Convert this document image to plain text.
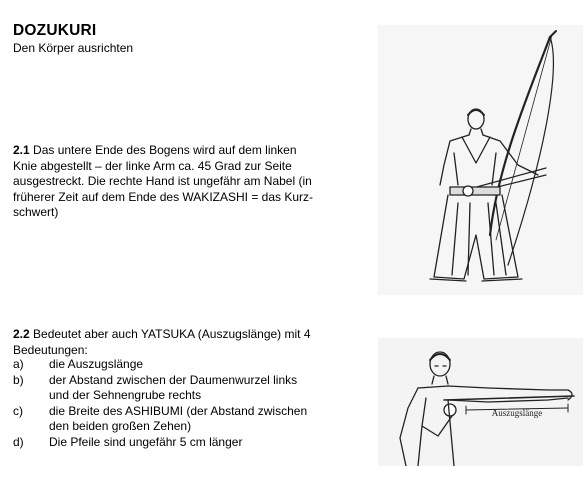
DOZUKURI
Den Körper ausrichten
2.1 Das untere Ende des Bogens wird auf dem linken
Knie abgestellt – der linke Arm ca. 45 Grad zur Seite
ausgestreckt. Die rechte Hand ist ungefähr am Nabel (in
früherer Zeit auf dem Ende des WAKIZASHI = das Kurz-
schwert)
2.2 Bedeutet aber auch YATSUKA (Auszugslänge) mit 4
Bedeutungen:
a)	die Auszugslänge
b)	der Abstand zwischen der Daumenwurzel links
und der Sehnengrube rechts
c)	die Breite des ASHIBUMI (der Abstand zwischen
den beiden großen Zehen)
d)	Die Pfeile sind ungefähr 5 cm länger
Auszugslänge
